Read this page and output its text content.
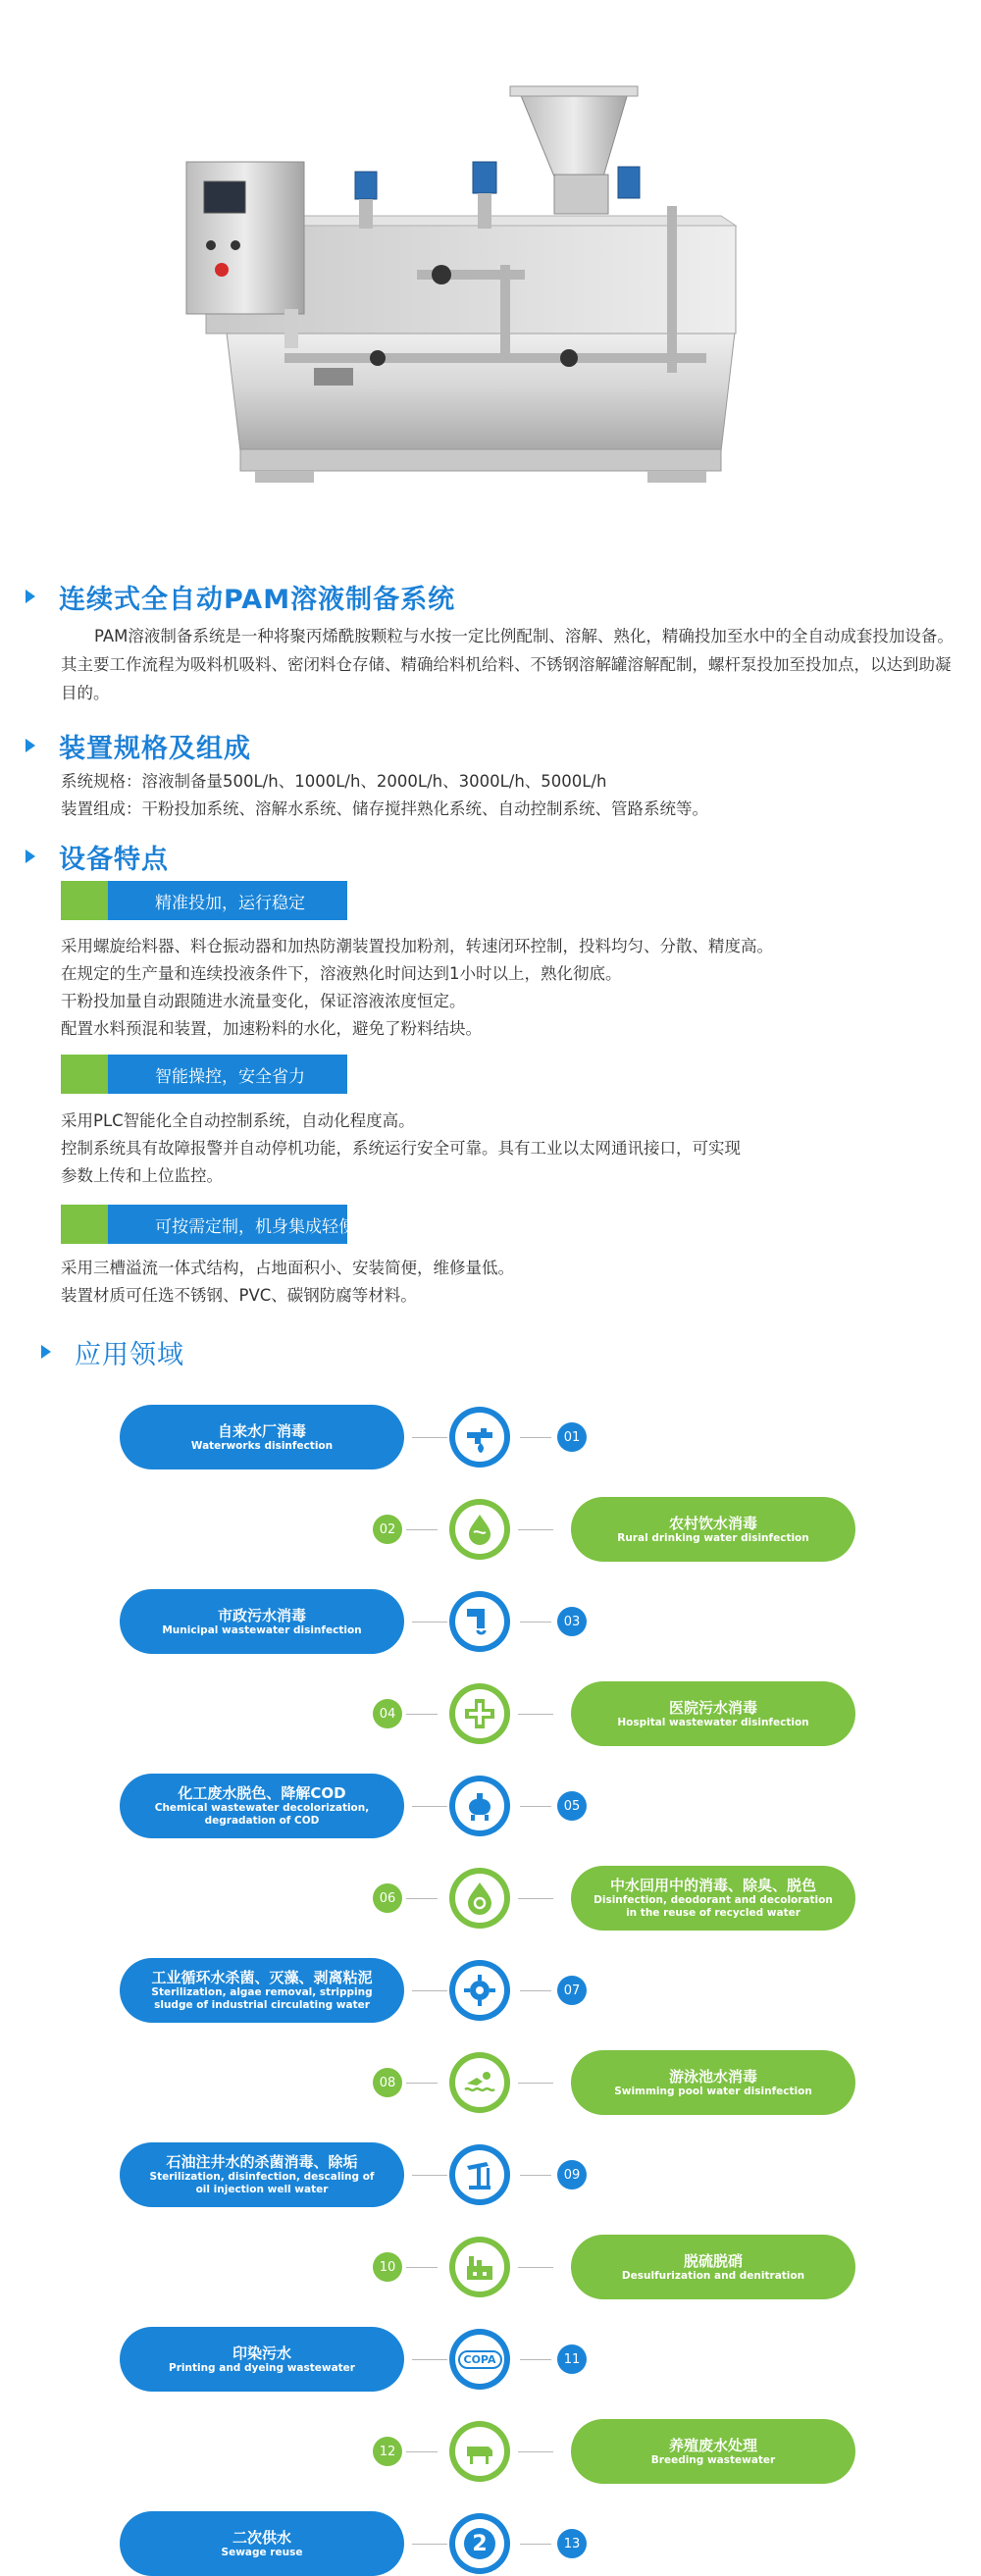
连续式全自动PAM溶液制备系统
PAM溶液制备系统是一种将聚丙烯酰胺颗粒与水按一定比例配制、溶解、熟化，精确投加至水中的全自动成套投加设备。其主要工作流程为吸料机吸料、密闭料仓存储、精确给料机给料、不锈钢溶解罐溶解配制，螺杆泵投加至投加点，以达到助凝目的。
装置规格及组成
系统规格：溶液制备量500L/h、1000L/h、2000L/h、3000L/h、5000L/h
装置组成：干粉投加系统、溶解水系统、储存搅拌熟化系统、自动控制系统、管路系统等。
设备特点
精准投加，运行稳定
采用螺旋给料器、料仓振动器和加热防潮装置投加粉剂，转速闭环控制，投料均匀、分散、精度高。
在规定的生产量和连续投液条件下，溶液熟化时间达到1小时以上，熟化彻底。
干粉投加量自动跟随进水流量变化，保证溶液浓度恒定。
配置水料预混和装置，加速粉料的水化，避免了粉料结块。
智能操控，安全省力
采用PLC智能化全自动控制系统，自动化程度高。
控制系统具有故障报警并自动停机功能，系统运行安全可靠。具有工业以太网通讯接口，可实现
参数上传和上位监控。
可按需定制，机身集成轻便
采用三槽溢流一体式结构，占地面积小、安装简便，维修量低。
装置材质可任选不锈钢、PVC、碳钢防腐等材料。
应用领域
自来水厂消毒
Waterworks disinfection
01
农村饮水消毒
Rural drinking water disinfection
02
市政污水消毒
Municipal wastewater disinfection
03
医院污水消毒
Hospital wastewater disinfection
04
化工废水脱色、降解COD
Chemical wastewater decolorization,
degradation of COD
05
中水回用中的消毒、除臭、脱色
Disinfection, deodorant and decoloration
in the reuse of recycled water
06
工业循环水杀菌、灭藻、剥离粘泥
Sterilization, algae removal, stripping
sludge of industrial circulating water
07
游泳池水消毒
Swimming pool water disinfection
08
石油注井水的杀菌消毒、除垢
Sterilization, disinfection, descaling of
oil injection well water
09
脱硫脱硝
Desulfurization and denitration
10
印染污水
Printing and dyeing wastewater
COPA	11
养殖废水处理
Breeding wastewater
12
二次供水
Sewage reuse	2	13
